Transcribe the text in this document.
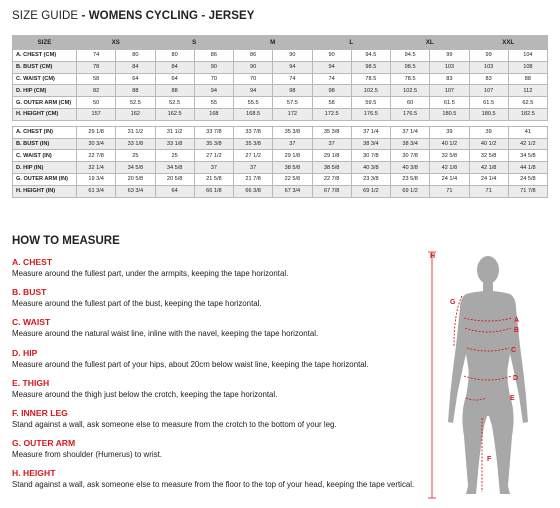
SIZE GUIDE - WOMENS CYCLING - JERSEY
SIZE	XS		S		M		L		XL		XXL	
A. CHEST (CM)	74	80	80	86	86	90	90	94.5	94.5	99	99	104
B. BUST (CM)	78	84	84	90	90	94	94	98.5	98.5	103	103	108
C. WAIST (CM)	58	64	64	70	70	74	74	78.5	78.5	83	83	88
D. HIP (CM)	82	88	88	94	94	98	98	102.5	102.5	107	107	112
G. OUTER ARM (CM)	50	52.5	52.5	55	55.5	57.5	58	59.5	60	61.5	61.5	62.5
H. HEIGHT (CM)	157	162	162.5	168	168.5	172	172.5	176.5	176.5	180.5	180.5	182.5

A. CHEST (IN)	29 1/8	31 1/2	31 1/2	33 7/8	33 7/8	35 3/8	35 3/8	37 1/4	37 1/4	39	39	41
B. BUST (IN)	30 3/4	33 1/8	33 1/8	35 3/8	35 3/8	37	37	38 3/4	38 3/4	40 1/2	40 1/2	42 1/2
C. WAIST (IN)	22 7/8	25	25	27 1/2	27 1/2	29 1/8	29 1/8	30 7/8	30 7/8	32 5/8	32 5/8	34 5/8
D. HIP (IN)	32 1/4	34 5/8	34 5/8	37	37	38 5/8	38 5/8	40 3/8	40 3/8	42 1/8	42 1/8	44 1/8
G. OUTER ARM (IN)	19 3/4	20 5/8	20 5/8	21 5/8	21 7/8	22 5/8	22 7/8	23 3/8	23 5/8	24 1/4	24 1/4	24 5/8
H. HEIGHT (IN)	61 3/4	63 3/4	64	66 1/8	66 3/8	67 3/4	67 7/8	69 1/2	69 1/2	71	71	71 7/8
HOW TO MEASURE
A. CHEST
Measure around the fullest part, under the armpits, keeping the tape horizontal.
B. BUST
Measure around the fullest part of the bust, keeping the tape horizontal.
C. WAIST
Measure around the natural waist line, inline with the navel, keeping the tape horizontal.
D. HIP
Measure around the fullest part of your hips, about 20cm below waist line, keeping the tape horizontal.
E. THIGH
Measure around the thigh just below the crotch, keeping the tape horizontal.
F. INNER LEG
Stand against a wall, ask someone else to measure from the crotch to the bottom of your leg.
G. OUTER ARM
Measure from shoulder (Humerus) to wrist.
H. HEIGHT
Stand against a wall, ask someone else to measure from the floor to the top of your head, keeping the tape vertical.
H
G
A
B
C
D
E
F
